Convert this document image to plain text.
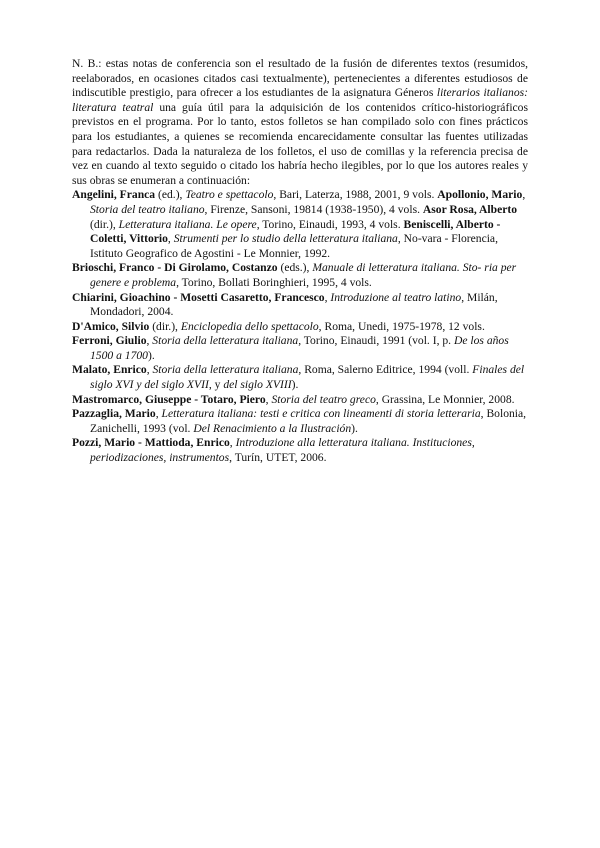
N. B.: estas notas de conferencia son el resultado de la fusión de diferentes textos (resumidos, reelaborados, en ocasiones citados casi textualmente), pertenecientes a diferentes estudiosos de indiscutible prestigio, para ofrecer a los estudiantes de la asignatura Géneros literarios italianos: literatura teatral una guía útil para la adquisición de los contenidos crítico-historiográficos previstos en el programa. Por lo tanto, estos folletos se han compilado solo con fines prácticos para los estudiantes, a quienes se recomienda encarecidamente consultar las fuentes utilizadas para redactarlos. Dada la naturaleza de los folletos, el uso de comillas y la referencia precisa de vez en cuando al texto seguido o citado los habría hecho ilegibles, por lo que los autores reales y sus obras se enumeran a continuación:

Angelini, Franca (ed.), Teatro e spettacolo, Bari, Laterza, 1988, 2001, 9 vols. Apollonio, Mario, Storia del teatro italiano, Firenze, Sansoni, 19814 (1938-1950), 4 vols. Asor Rosa, Alberto (dir.), Letteratura italiana. Le opere, Torino, Einaudi, 1993, 4 vols. Beniscelli, Alberto - Coletti, Vittorio, Strumenti per lo studio della letteratura italiana, No-vara - Florencia, Istituto Geografico de Agostini - Le Monnier, 1992.

Brioschi, Franco - Di Girolamo, Costanzo (eds.), Manuale di letteratura italiana. Sto- ria per genere e problema, Torino, Bollati Boringhieri, 1995, 4 vols.

Chiarini, Gioachino - Mosetti Casaretto, Francesco, Introduzione al teatro latino, Milán, Mondadori, 2004.

D'Amico, Silvio (dir.), Enciclopedia dello spettacolo, Roma, Unedi, 1975-1978, 12 vols.

Ferroni, Giulio, Storia della letteratura italiana, Torino, Einaudi, 1991 (vol. I, p. De los años 1500 a 1700).

Malato, Enrico, Storia della letteratura italiana, Roma, Salerno Editrice, 1994 (voll. Finales del siglo XVI y del siglo XVII, y del siglo XVIII).

Mastromarco, Giuseppe - Totaro, Piero, Storia del teatro greco, Grassina, Le Monnier, 2008.

Pazzaglia, Mario, Letteratura italiana: testi e critica con lineamenti di storia letteraria, Bolonia, Zanichelli, 1993 (vol. Del Renacimiento a la Ilustración).

Pozzi, Mario - Mattioda, Enrico, Introduzione alla letteratura italiana. Instituciones, periodizaciones, instrumentos, Turín, UTET, 2006.
